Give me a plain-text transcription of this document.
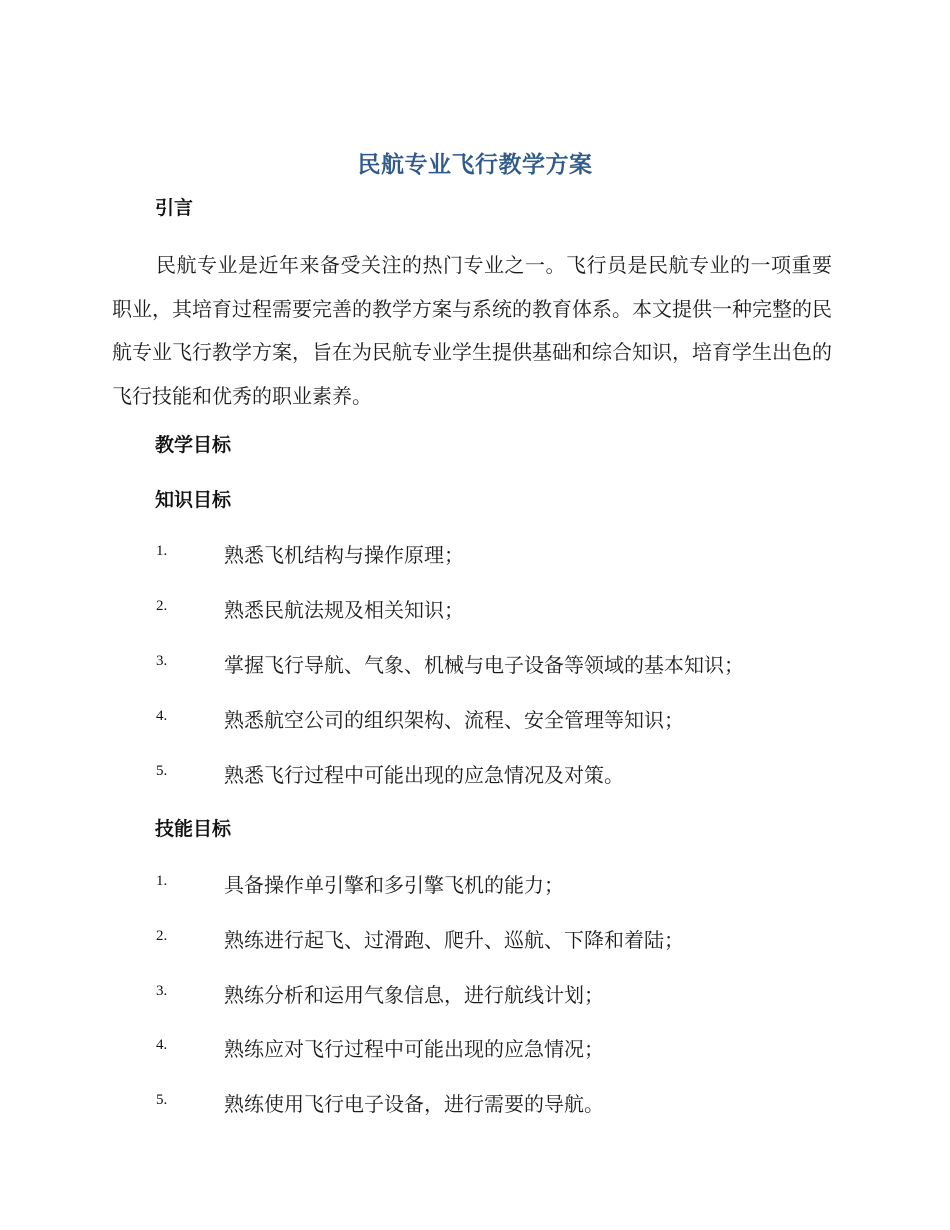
民航专业飞行教学方案
引言
民航专业是近年来备受关注的热门专业之一。飞行员是民航专业的一项重要职业，其培育过程需要完善的教学方案与系统的教育体系。本文提供一种完整的民航专业飞行教学方案，旨在为民航专业学生提供基础和综合知识，培育学生出色的飞行技能和优秀的职业素养。
教学目标
知识目标
1.	熟悉飞机结构与操作原理；
2.	熟悉民航法规及相关知识；
3.	掌握飞行导航、气象、机械与电子设备等领域的基本知识；
4.	熟悉航空公司的组织架构、流程、安全管理等知识；
5.	熟悉飞行过程中可能出现的应急情况及对策。
技能目标
1.	具备操作单引擎和多引擎飞机的能力；
2.	熟练进行起飞、过滑跑、爬升、巡航、下降和着陆；
3.	熟练分析和运用气象信息，进行航线计划；
4.	熟练应对飞行过程中可能出现的应急情况；
5.	熟练使用飞行电子设备，进行需要的导航。
